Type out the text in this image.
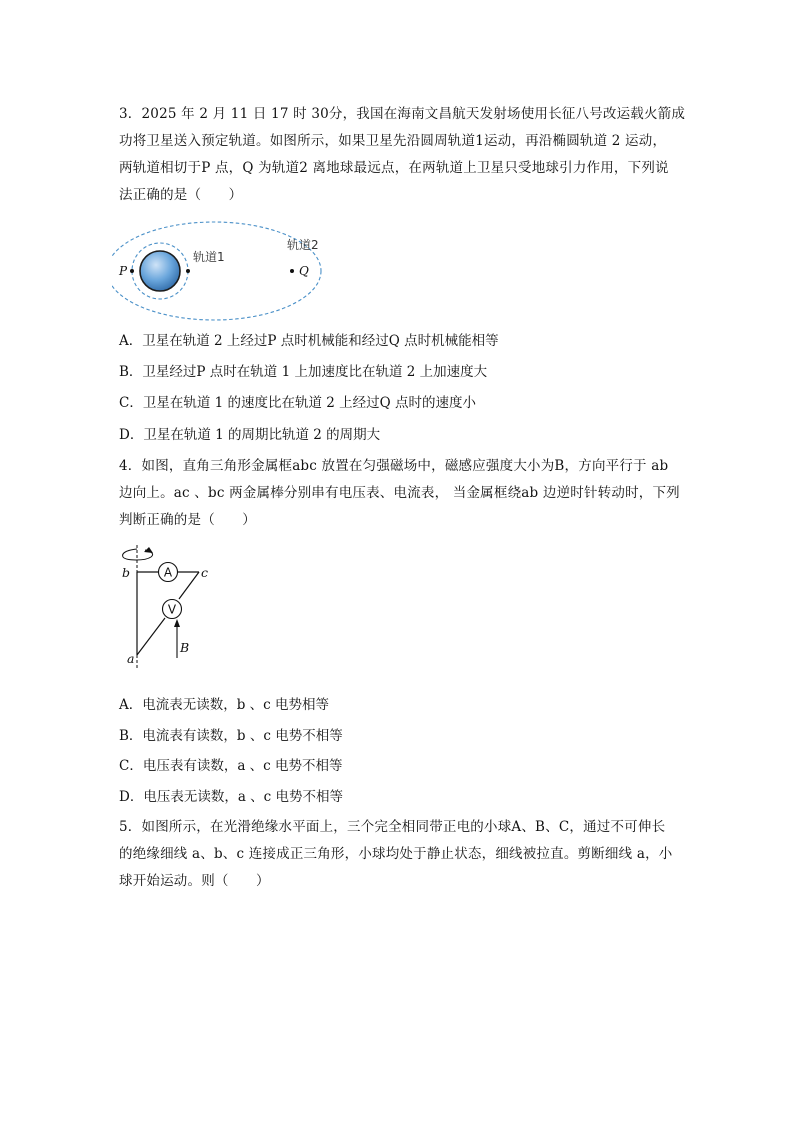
3．2025 年 2 月 11 日 17 时 30分，我国在海南文昌航天发射场使用长征八号改运载火箭成
功将卫星送入预定轨道。如图所示，如果卫星先沿圆周轨道1运动，再沿椭圆轨道 2 运动，
两轨道相切于P 点，Q 为轨道2 离地球最远点，在两轨道上卫星只受地球引力作用，下列说
法正确的是（　　）
P	Q
轨道1
轨道2
A．卫星在轨道 2 上经过P 点时机械能和经过Q 点时机械能相等
B．卫星经过P 点时在轨道 1 上加速度比在轨道 2 上加速度大
C．卫星在轨道 1 的速度比在轨道 2 上经过Q 点时的速度小
D．卫星在轨道 1 的周期比轨道 2 的周期大
4．如图，直角三角形金属框abc 放置在匀强磁场中，磁感应强度大小为B，方向平行于 ab
边向上。ac 、bc 两金属棒分别串有电压表、电流表， 当金属框绕ab 边逆时针转动时，下列
判断正确的是（　　）
A
V
b	c
a
B
A．电流表无读数，b 、c 电势相等
B．电流表有读数，b 、c 电势不相等
C．电压表有读数，a 、c 电势不相等
D．电压表无读数，a 、c 电势不相等
5．如图所示，在光滑绝缘水平面上，三个完全相同带正电的小球A、B、C，通过不可伸长
的绝缘细线 a、b、c 连接成正三角形，小球均处于静止状态，细线被拉直。剪断细线 a，小
球开始运动。则（　　）
